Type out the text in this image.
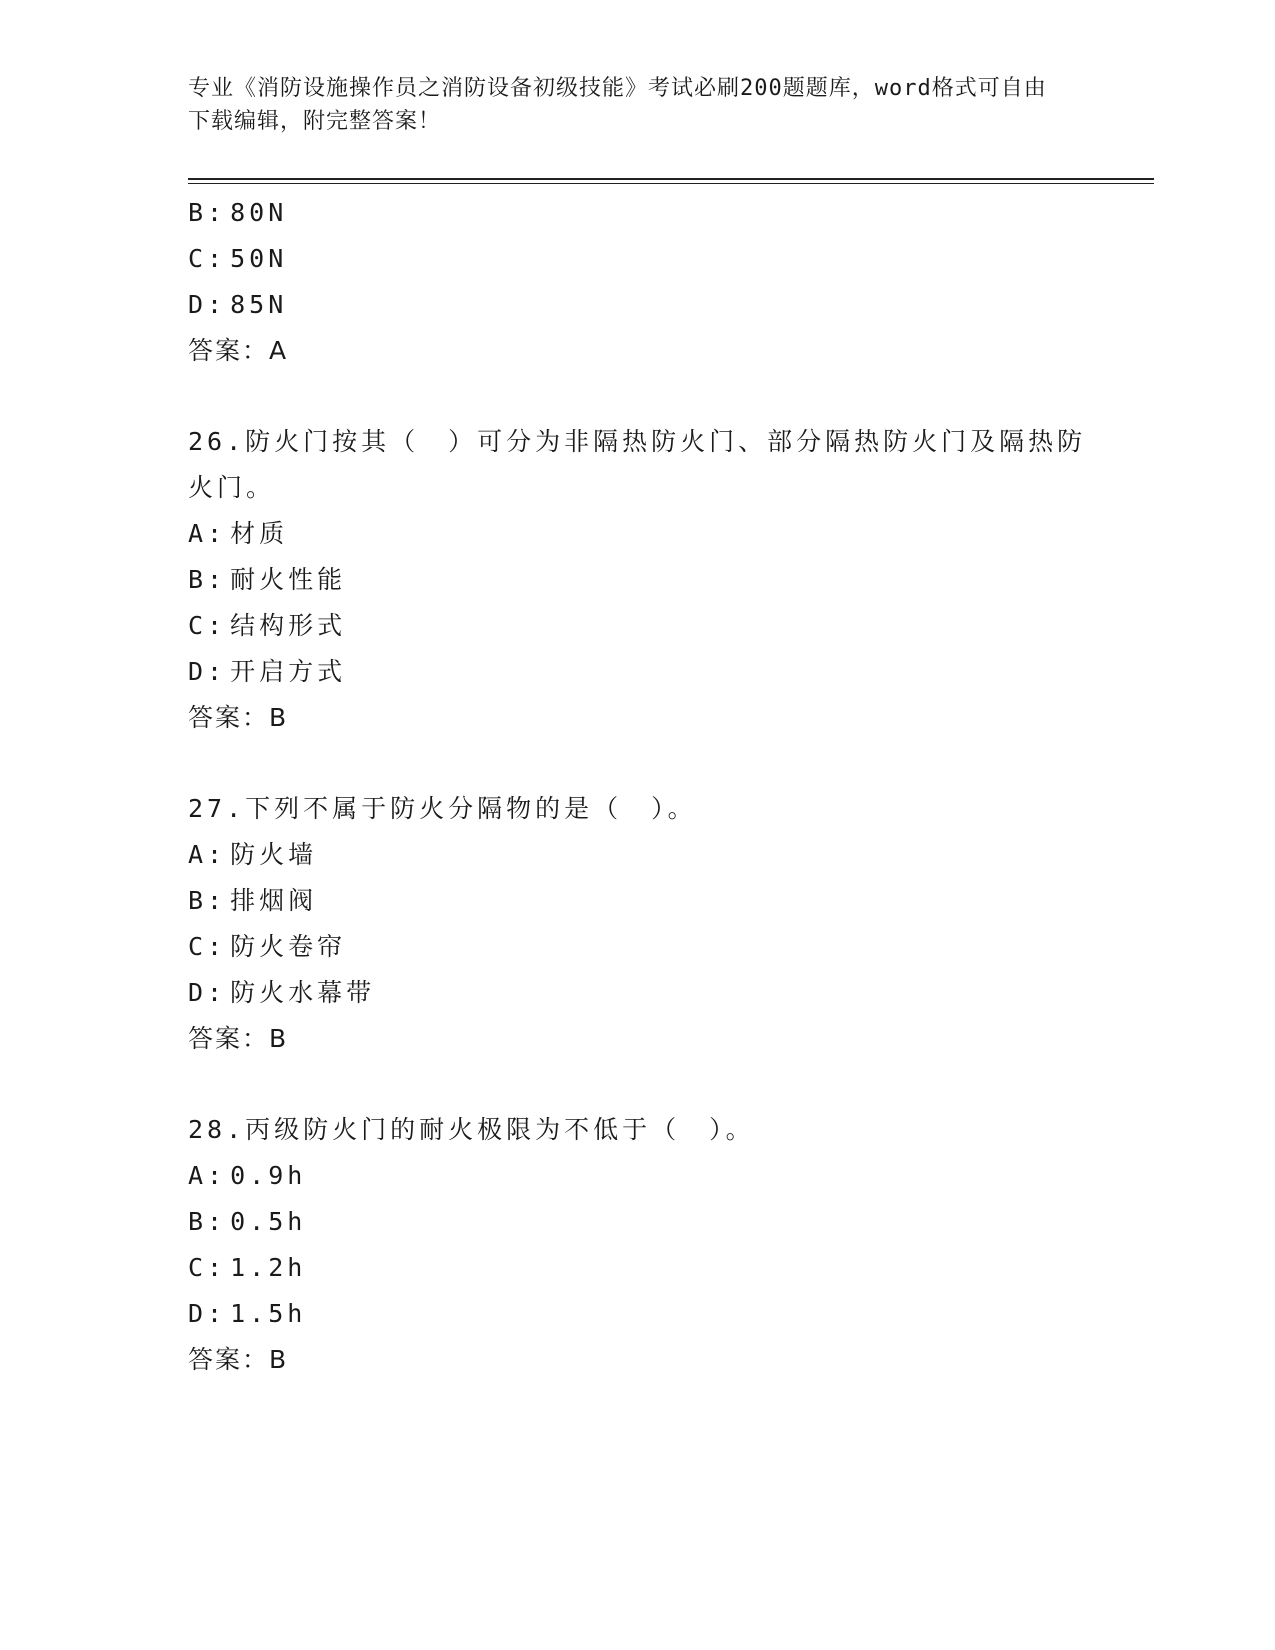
专业《消防设施操作员之消防设备初级技能》考试必刷200题题库，word格式可自由下载编辑，附完整答案！
B: 80N
C: 50N
D: 85N
答案：A
26.防火门按其（　）可分为非隔热防火门、部分隔热防火门及隔热防火门。
A: 材质
B: 耐火性能
C: 结构形式
D: 开启方式
答案：B
27.下列不属于防火分隔物的是（　）。
A: 防火墙
B: 排烟阀
C: 防火卷帘
D: 防火水幕带
答案：B
28.丙级防火门的耐火极限为不低于（　）。
A: 0.9h
B: 0.5h
C: 1.2h
D: 1.5h
答案：B
